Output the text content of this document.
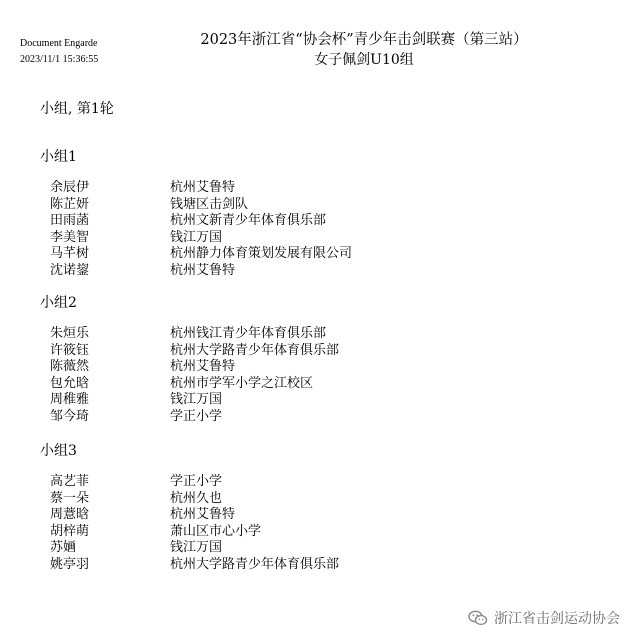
Document Engarde
2023/11/1 15:36:55
2023年浙江省“协会杯”青少年击剑联赛（第三站）
女子佩剑U10组
小组, 第1轮

小组1

余辰伊	杭州艾鲁特
陈芷妍	钱塘区击剑队
田雨菡	杭州文新青少年体育俱乐部
李美智	钱江万国
马芊树	杭州静力体育策划发展有限公司
沈诺鋆	杭州艾鲁特

小组2

朱烜乐	杭州钱江青少年体育俱乐部
许筱钰	杭州大学路青少年体育俱乐部
陈薇然	杭州艾鲁特
包允晗	杭州市学军小学之江校区
周稚雅	钱江万国
邹今琦	学正小学

小组3

高艺菲	学正小学
蔡一朵	杭州久也
周薏晗	杭州艾鲁特
胡梓萌	萧山区市心小学
苏婳	钱江万国
姚亭羽	杭州大学路青少年体育俱乐部
浙江省击剑运动协会
